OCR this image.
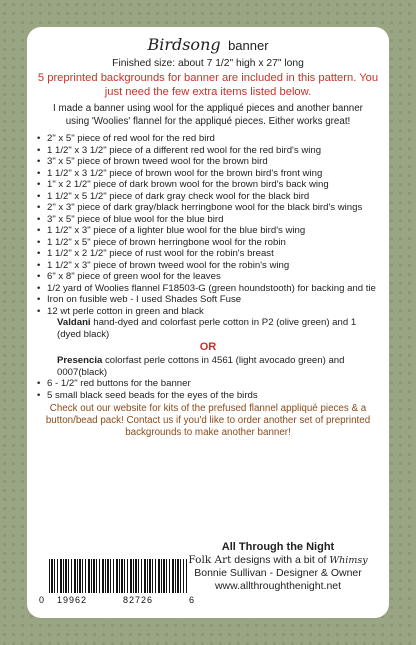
Birdsong banner
Finished size: about 7 1/2" high x 27" long
5 preprinted backgrounds for banner are included in this pattern. You just need the few extra items listed below.
I made a banner using wool for the appliqué pieces and another banner using 'Woolies' flannel for the appliqué pieces. Either works great!
• 2" x 5" piece of red wool for the red bird
• 1 1/2" x 3 1/2" piece of a different red wool for the red bird's wing
• 3" x 5" piece of brown tweed wool for the brown bird
• 1 1/2" x 3 1/2" piece of brown wool for the brown bird's front wing
• 1" x 2 1/2" piece of dark brown wool for the brown bird's back wing
• 1 1/2" x 5 1/2" piece of dark gray check wool for the black bird
• 2" x 3" piece of dark gray/black herringbone wool for the black bird's wings
• 3" x 5" piece of blue wool for the blue bird
• 1 1/2" x 3" piece of a lighter blue wool for the blue bird's wing
• 1 1/2" x 5" piece of brown herringbone wool for the robin
• 1 1/2" x 2 1/2" piece of rust wool for the robin's breast
• 1 1/2" x 3" piece of brown tweed wool for the robin's wing
• 6" x 8" piece of green wool for the leaves
• 1/2 yard of Woolies flannel F18503-G (green houndstooth) for backing and tie
• Iron on fusible web - I used Shades Soft Fuse
• 12 wt perle cotton in green and black
Valdani hand-dyed and colorfast perle cotton in P2 (olive green) and 1 (dyed black)
OR
Presencia colorfast perle cottons in 4561 (light avocado green) and 0007(black)
• 6 - 1/2" red buttons for the banner
• 5 small black seed beads for the eyes of the birds
Check out our website for kits of the prefused flannel appliqué pieces & a button/bead pack! Contact us if you'd like to order another set of preprinted backgrounds to make another banner!
All Through the Night
Folk Art designs with a bit of Whimsy
Bonnie Sullivan - Designer & Owner
www.allthroughthenight.net
0 19962	82726	6
